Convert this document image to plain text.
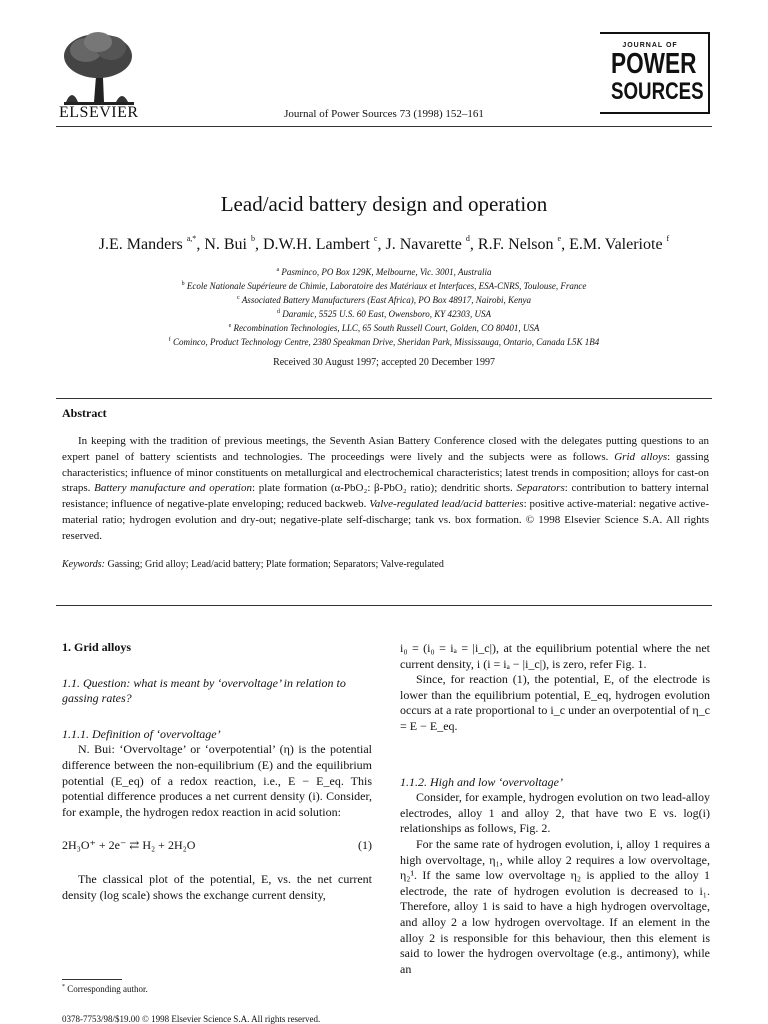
ELSEVIER	Journal of Power Sources 73 (1998) 152–161
JOURNAL OF
POWER
SOURCES
Lead/acid battery design and operation
J.E. Manders $^{a,*}$, N. Bui $^b$, D.W.H. Lambert $^c$, J. Navarette $^d$, R.F. Nelson $^e$, E.M. Valeriote $^f$
$^a$ Pasminco, PO Box 129K, Melbourne, Vic. 3001, Australia
$^b$ Ecole Nationale Supérieure de Chimie, Laboratoire des Matériaux et Interfaces, ESA-CNRS, Toulouse, France
$^c$ Associated Battery Manufacturers (East Africa), PO Box 48917, Nairobi, Kenya
$^d$ Daramic, 5525 U.S. 60 East, Owensboro, KY 42303, USA
$^e$ Recombination Technologies, LLC, 65 South Russell Court, Golden, CO 80401, USA
$^f$ Cominco, Product Technology Centre, 2380 Speakman Drive, Sheridan Park, Mississauga, Ontario, Canada L5K 1B4
Received 30 August 1997; accepted 20 December 1997
Abstract
In keeping with the tradition of previous meetings, the Seventh Asian Battery Conference closed with the delegates putting questions to an expert panel of battery scientists and technologies. The proceedings were lively and the subjects were as follows. Grid alloys: gassing characteristics; influence of minor constituents on metallurgical and electrochemical characteristics; latest trends in composition; alloys for cast-on straps. Battery manufacture and operation: plate formation (α-PbO₂: β-PbO₂ ratio); dendritic shorts. Separators: contribution to battery internal resistance; influence of negative-plate enveloping; reduced backweb. Valve-regulated lead/acid batteries: positive active-material: negative active-material ratio; hydrogen evolution and dry-out; negative-plate self-discharge; tank vs. box formation. © 1998 Elsevier Science S.A. All rights reserved.
Keywords: Gassing; Grid alloy; Lead/acid battery; Plate formation; Separators; Valve-regulated
1. Grid alloys
1.1. Question: what is meant by ‘overvoltage’ in relation to gassing rates?
1.1.1. Definition of ‘overvoltage’

N. Bui: ‘Overvoltage’ or ‘overpotential’ (η) is the potential difference between the non-equilibrium (E) and the equilibrium potential (E_eq) of a redox reaction, i.e., E − E_eq. This potential difference produces a net current density (i). Consider, for example, the hydrogen redox reaction in acid solution:

2H₃O⁺ + 2e⁻ ⇄ H₂ + 2H₂O	(1)

The classical plot of the potential, E, vs. the net current density (log scale) shows the exchange current density,

i₀ = (i₀ = iₐ = |i_c|), at the equilibrium potential where the net current density, i (i = iₐ − |i_c|), is zero, refer Fig. 1.

Since, for reaction (1), the potential, E, of the electrode is lower than the equilibrium potential, E_eq, hydrogen evolution occurs at a rate proportional to i_c under an overpotential of η_c = E − E_eq.

1.1.2. High and low ‘overvoltage’

Consider, for example, hydrogen evolution on two lead-alloy electrodes, alloy 1 and alloy 2, that have two E vs. log(i) relationships as follows, Fig. 2.

For the same rate of hydrogen evolution, i, alloy 1 requires a high overvoltage, η₁, while alloy 2 requires a low overvoltage, η₂¹. If the same low overvoltage η₂ is applied to the alloy 1 electrode, the rate of hydrogen evolution is decreased to i₁. Therefore, alloy 1 is said to have a high hydrogen overvoltage, and alloy 2 a low hydrogen overvoltage. If an element in the alloy 2 is responsible for this behaviour, then this element is said to lower the hydrogen overvoltage (e.g., antimony), while an

* Corresponding author.
0378-7753/98/$19.00 © 1998 Elsevier Science S.A. All rights reserved.
